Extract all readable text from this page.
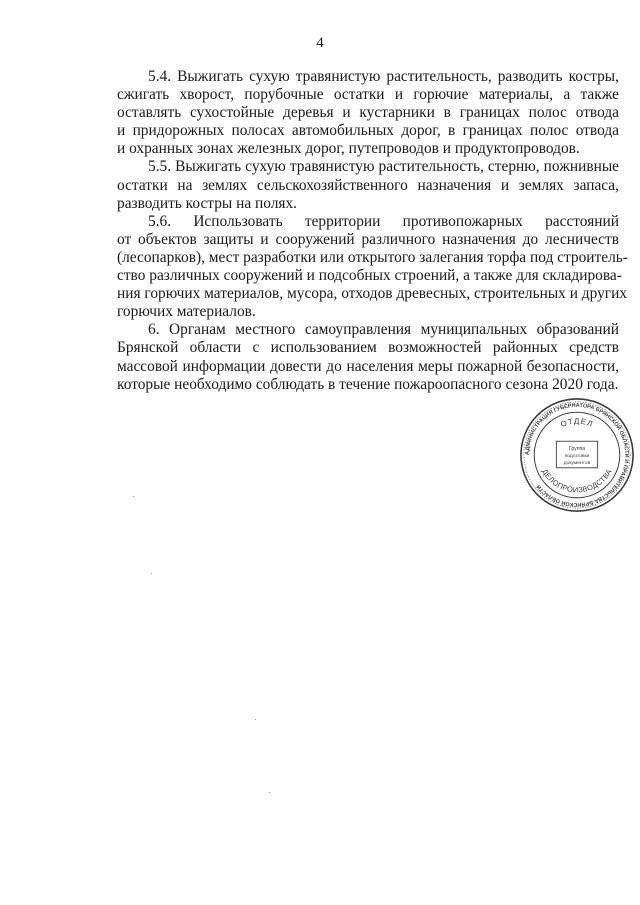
4

5.4. Выжигать сухую травянистую растительность, разводить костры,
сжигать хворост, порубочные остатки и горючие материалы, а также
оставлять сухостойные деревья и кустарники в границах полос отвода
и придорожных полосах автомобильных дорог, в границах полос отвода
и охранных зонах железных дорог, путепроводов и продуктопроводов.

5.5. Выжигать сухую травянистую растительность, стерню, пожнивные
остатки на землях сельскохозяйственного назначения и землях запаса,
разводить костры на полях.

5.6. Использовать территории противопожарных расстояний
от объектов защиты и сооружений различного назначения до лесничеств
(лесопарков), мест разработки или открытого залегания торфа под строитель-
ство различных сооружений и подсобных строений, а также для складирова-
ния горючих материалов, мусора, отходов древесных, строительных и других
горючих материалов.

6. Органам местного самоуправления муниципальных образований
Брянской области с использованием возможностей районных средств
массовой информации довести до населения меры пожарной безопасности,
которые необходимо соблюдать в течение пожароопасного сезона 2020 года.

АДМИНИСТРАЦИЯ ГУБЕРНАТОРА БРЯНСКОЙ ОБЛАСТИ И ПРАВИТЕЛЬСТВА БРЯНСКОЙ ОБЛАСТИ
ОТДЕЛ
ДЕЛОПРОИЗВОДСТВА
Группа
подготовки
документов
